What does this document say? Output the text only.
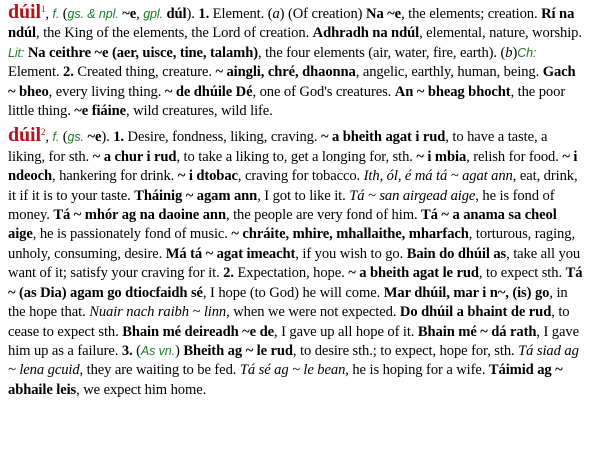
dúil$^1$, f. (gs. & npl. ~e, gpl. dúl). 1. Element. (a) (Of creation) Na ~e, the elements; creation. Rí na ndúl, the King of the elements, the Lord of creation. Adhradh na ndúl, elemental, nature, worship. Lit: Na ceithre ~e (aer, uisce, tine, talamh), the four elements (air, water, fire, earth). (b)Ch: Element. 2. Created thing, creature. ~ aingli, chré, dhaonna, angelic, earthly, human, being. Gach ~ bheo, every living thing. ~ de dhúile Dé, one of God's creatures. An ~ bheag bhocht, the poor little thing. ~e fiáine, wild creatures, wild life.

dúil$^2$, f. (gs. ~e). 1. Desire, fondness, liking, craving. ~ a bheith agat i rud, to have a taste, a liking, for sth. ~ a chur i rud, to take a liking to, get a longing for, sth. ~ i mbia, relish for food. ~ i ndeoch, hankering for drink. ~ i dtobac, craving for tobacco. Ith, ól, é má tá ~ agat ann, eat, drink, it if it is to your taste. Tháinig ~ agam ann, I got to like it. Tá ~ san airgead aige, he is fond of money. Tá ~ mhór ag na daoine ann, the people are very fond of him. Tá ~ a anama sa cheol aige, he is passionately fond of music. ~ chráite, mhire, mhallaithe, mharfach, torturous, raging, unholy, consuming, desire. Má tá ~ agat imeacht, if you wish to go. Bain do dhúil as, take all you want of it; satisfy your craving for it. 2. Expectation, hope. ~ a bheith agat le rud, to expect sth. Tá ~ (as Dia) agam go dtiocfaidh sé, I hope (to God) he will come. Mar dhúil, mar i n~, (is) go, in the hope that. Nuair nach raibh ~ linn, when we were not expected. Do dhúil a bhaint de rud, to cease to expect sth. Bhain mé deireadh ~e de, I gave up all hope of it. Bhain mé ~ dá rath, I gave him up as a failure. 3. (As vn.) Bheith ag ~ le rud, to desire sth.; to expect, hope for, sth. Tá siad ag ~ lena gcuid, they are waiting to be fed. Tá sé ag ~ le bean, he is hoping for a wife. Táimid ag ~ abhaile leis, we expect him home.
